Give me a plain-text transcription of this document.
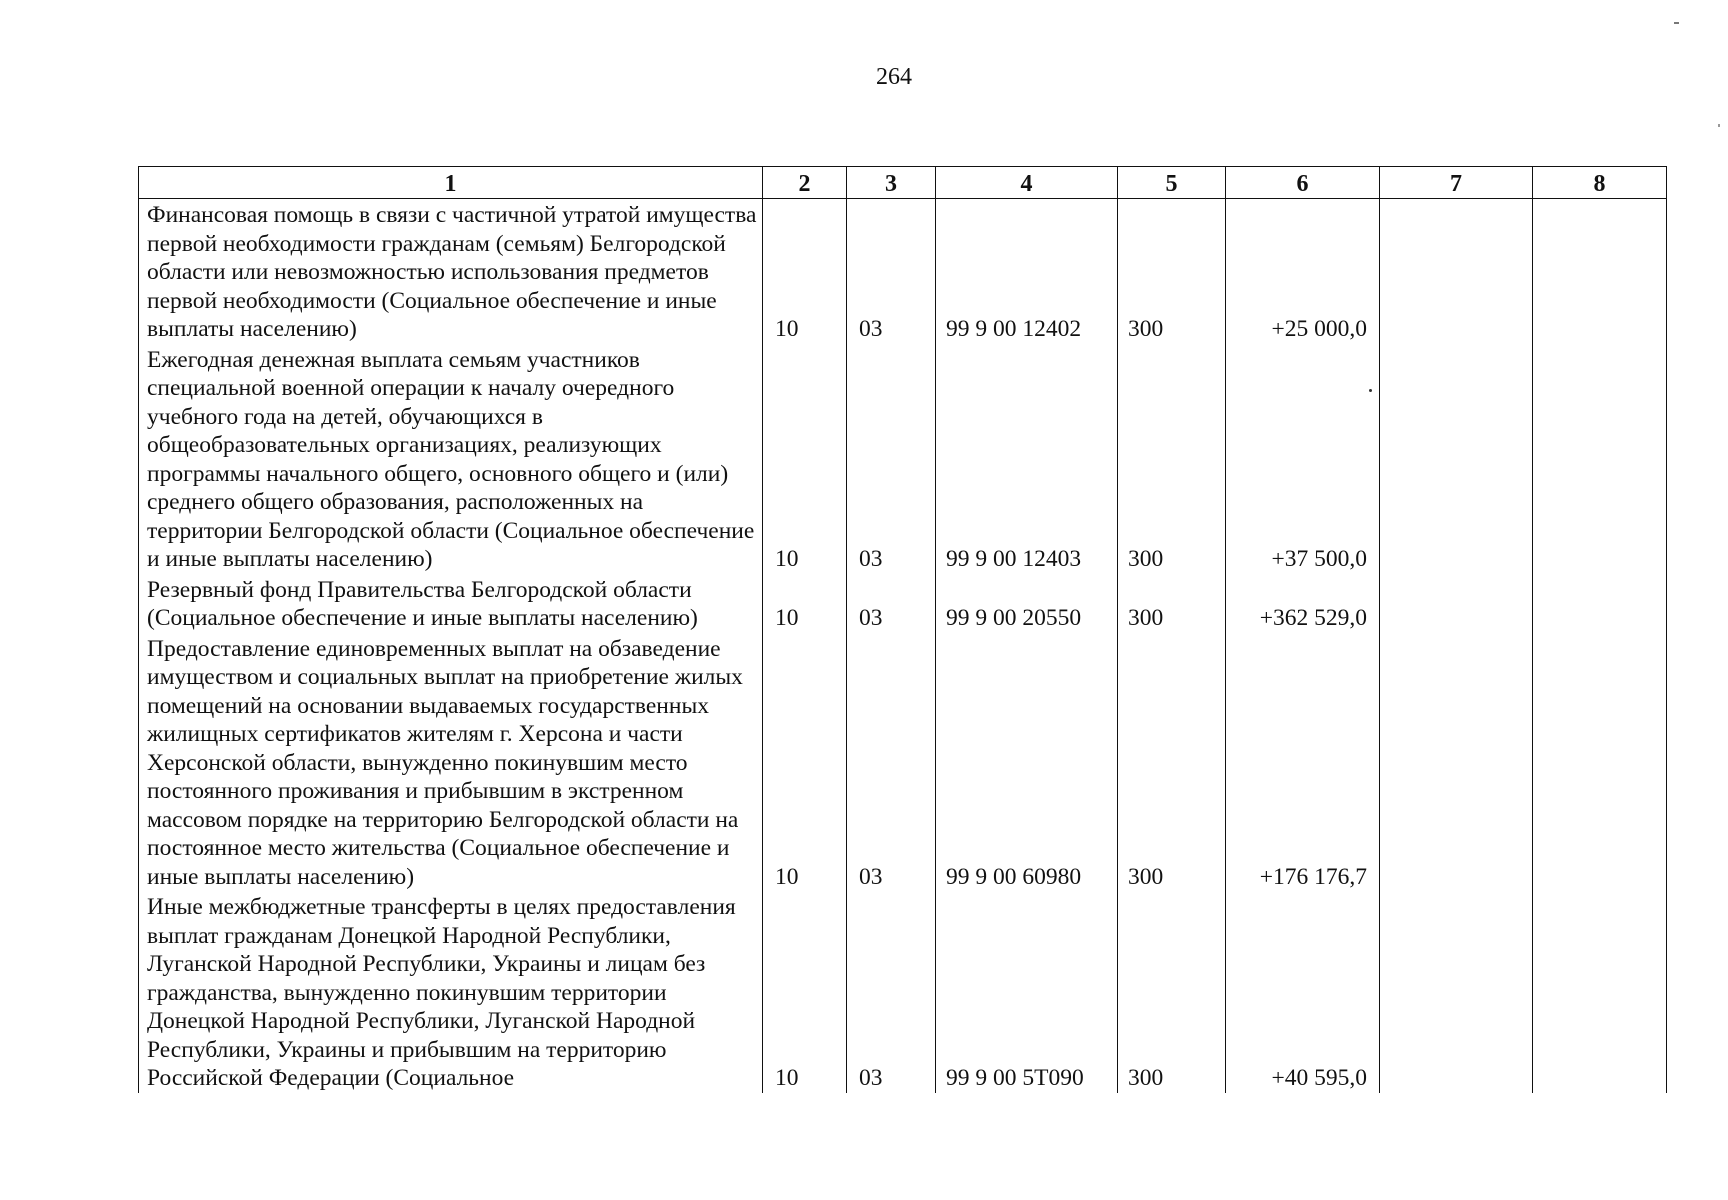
264
1	2	3	4	5	6	7	8
Финансовая помощь в связи с частичной утратой имущества первой необходимости гражданам (семьям) Белгородской области или невозможностью использования предметов первой необходимости (Социальное обеспечение и иные выплаты населению)	10	03	99 9 00 12402	300	+25 000,0		
Ежегодная денежная выплата семьям участников специальной военной операции к началу очередного учебного года на детей, обучающихся в общеобразовательных организациях, реализующих программы начального общего, основного общего и (или) среднего общего образования, расположенных на территории Белгородской области (Социальное обеспечение и иные выплаты населению)	10	03	99 9 00 12403	300	+37 500,0		
Резервный фонд Правительства Белгородской области (Социальное обеспечение и иные выплаты населению)	10	03	99 9 00 20550	300	+362 529,0		
Предоставление единовременных выплат на обзаведение имуществом и социальных выплат на приобретение жилых помещений на основании выдаваемых государственных жилищных сертификатов жителям г. Херсона и части Херсонской области, вынужденно покинувшим место постоянного проживания и прибывшим в экстренном массовом порядке на территорию Белгородской области на постоянное место жительства (Социальное обеспечение и иные выплаты населению)	10	03	99 9 00 60980	300	+176 176,7		
Иные межбюджетные трансферты в целях предоставления выплат гражданам Донецкой Народной Республики, Луганской Народной Республики, Украины и лицам без гражданства, вынужденно покинувшим территории Донецкой Народной Республики, Луганской Народной Республики, Украины и прибывшим на территорию Российской Федерации (Социальное	10	03	99 9 00 5Т090	300	+40 595,0		
